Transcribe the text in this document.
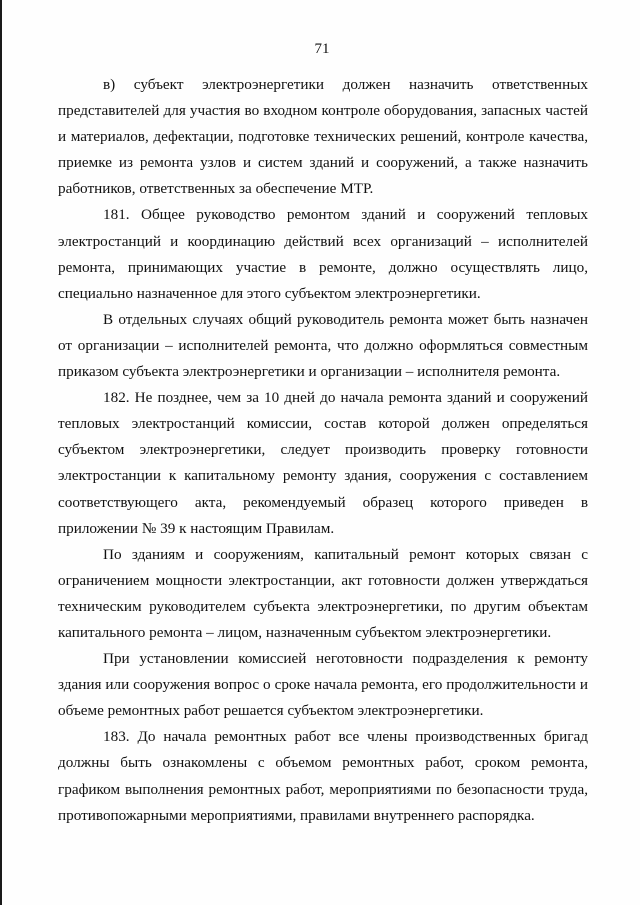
71

в)   субъект   электроэнергетики   должен   назначить   ответственных представителей для участия во входном контроле оборудования, запасных частей и материалов, дефектации, подготовке технических решений, контроле качества, приемке из ремонта узлов и систем зданий и сооружений, а также назначить работников, ответственных за обеспечение МТР.

181. Общее руководство ремонтом зданий и сооружений тепловых электростанций и координацию действий всех организаций – исполнителей ремонта, принимающих участие в ремонте, должно осуществлять лицо, специально назначенное для этого субъектом электроэнергетики.

В отдельных случаях общий руководитель ремонта может быть назначен от организации – исполнителей ремонта, что должно оформляться совместным приказом субъекта электроэнергетики и организации – исполнителя ремонта.

182. Не позднее, чем за 10 дней до начала ремонта зданий и сооружений тепловых электростанций комиссии, состав которой должен определяться субъектом электроэнергетики, следует производить проверку готовности электростанции к капитальному ремонту здания, сооружения с составлением соответствующего акта, рекомендуемый образец которого приведен в приложении № 39 к настоящим Правилам.

По зданиям и сооружениям, капитальный ремонт которых связан с ограничением мощности электростанции, акт готовности должен утверждаться техническим руководителем субъекта электроэнергетики, по другим объектам капитального ремонта – лицом, назначенным субъектом электроэнергетики.

При установлении комиссией неготовности подразделения к ремонту здания или сооружения вопрос о сроке начала ремонта, его продолжительности и объеме ремонтных работ решается субъектом электроэнергетики.

183. До начала ремонтных работ все члены производственных бригад должны быть ознакомлены с объемом ремонтных работ, сроком ремонта, графиком выполнения ремонтных работ, мероприятиями по безопасности труда, противопожарными мероприятиями, правилами внутреннего распорядка.
